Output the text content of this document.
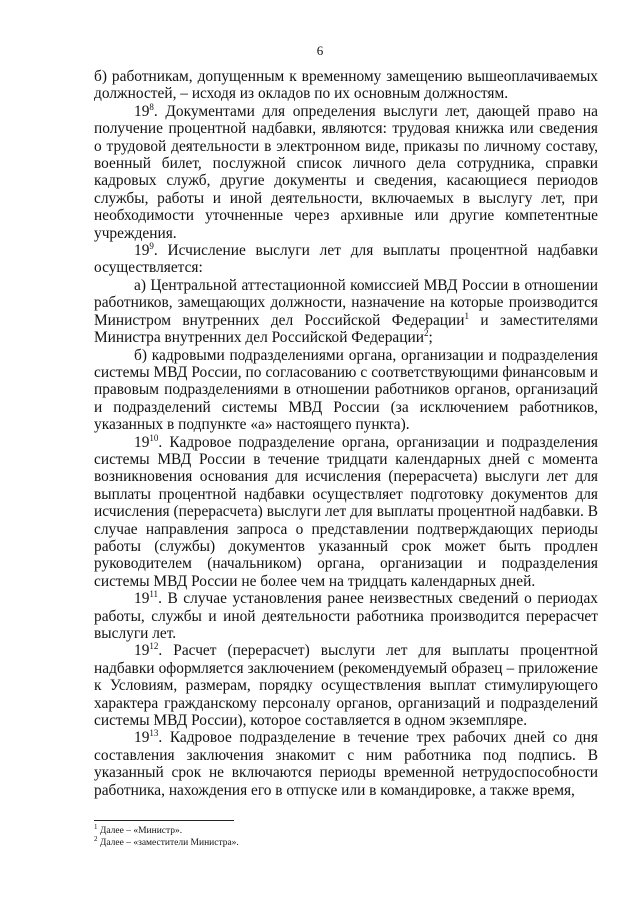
6

б) работникам, допущенным к временному замещению вышеоплачиваемых должностей, – исходя из окладов по их основным должностям.

$19^8$. Документами для определения выслуги лет, дающей право на получение процентной надбавки, являются: трудовая книжка или сведения о трудовой деятельности в электронном виде, приказы по личному составу, военный билет, послужной список личного дела сотрудника, справки кадровых служб, другие документы и сведения, касающиеся периодов службы, работы и иной деятельности, включаемых в выслугу лет, при необходимости уточненные через архивные или другие компетентные учреждения.

$19^9$. Исчисление выслуги лет для выплаты процентной надбавки осуществляется:

а) Центральной аттестационной комиссией МВД России в отношении работников, замещающих должности, назначение на которые производится Министром внутренних дел Российской Федерации$^1$ и заместителями Министра внутренних дел Российской Федерации$^2$;

б) кадровыми подразделениями органа, организации и подразделения системы МВД России, по согласованию с соответствующими финансовым и правовым подразделениями в отношении работников органов, организаций и подразделений системы МВД России (за исключением работников, указанных в подпункте «а» настоящего пункта).

$19^{10}$. Кадровое подразделение органа, организации и подразделения системы МВД России в течение тридцати календарных дней с момента возникновения основания для исчисления (перерасчета) выслуги лет для выплаты процентной надбавки осуществляет подготовку документов для исчисления (перерасчета) выслуги лет для выплаты процентной надбавки. В случае направления запроса о представлении подтверждающих периоды работы (службы) документов указанный срок может быть продлен руководителем (начальником) органа, организации и подразделения системы МВД России не более чем на тридцать календарных дней.

$19^{11}$. В случае установления ранее неизвестных сведений о периодах работы, службы и иной деятельности работника производится перерасчет выслуги лет.

$19^{12}$. Расчет (перерасчет) выслуги лет для выплаты процентной надбавки оформляется заключением (рекомендуемый образец – приложение к Условиям, размерам, порядку осуществления выплат стимулирующего характера гражданскому персоналу органов, организаций и подразделений системы МВД России), которое составляется в одном экземпляре.

$19^{13}$. Кадровое подразделение в течение трех рабочих дней со дня составления заключения знакомит с ним работника под подпись. В указанный срок не включаются периоды временной нетрудоспособности работника, нахождения его в отпуске или в командировке, а также время,

$^1$ Далее – «Министр».

$^2$ Далее – «заместители Министра».
